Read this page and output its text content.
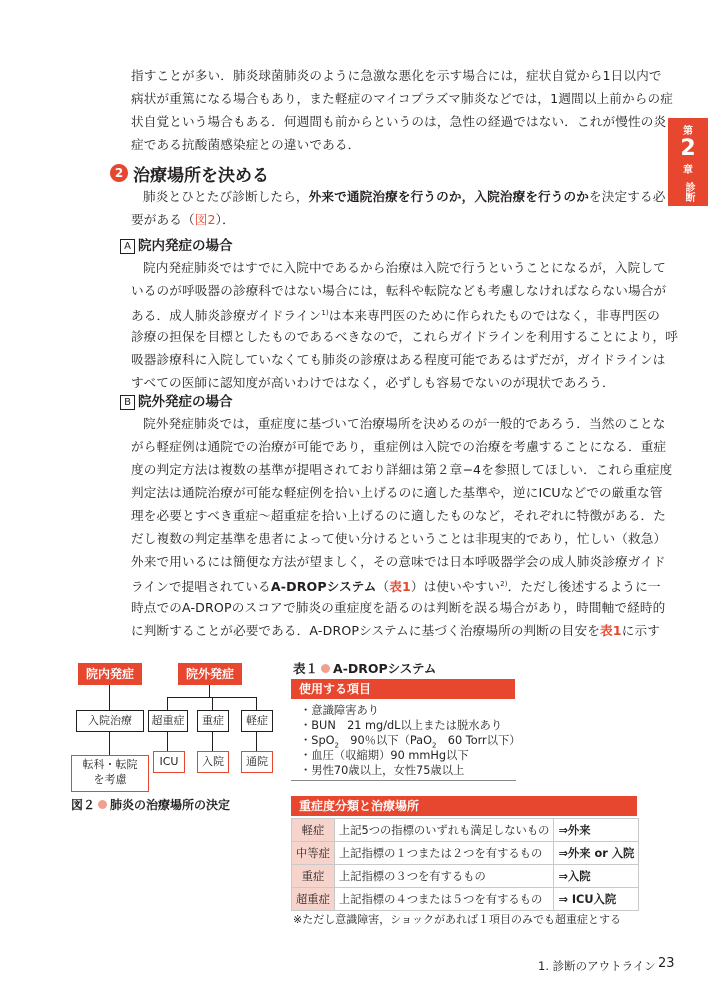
指すことが多い．肺炎球菌肺炎のように急激な悪化を示す場合には，症状自覚から1日以内で
病状が重篤になる場合もあり，また軽症のマイコプラズマ肺炎などでは，1週間以上前からの症
状自覚という場合もある．何週間も前からというのは，急性の経過ではない．これが慢性の炎
症である抗酸菌感染症との違いである．
第
2
章
診断
2 治療場所を決める
肺炎とひとたび診断したら，外来で通院治療を行うのか，入院治療を行うのかを決定する必
要がある（図2）．
A 院内発症の場合
院内発症肺炎ではすでに入院中であるから治療は入院で行うということになるが，入院して
いるのが呼吸器の診療科ではない場合には，転科や転院なども考慮しなければならない場合が
ある．成人肺炎診療ガイドライン$^{1)}$は本来専門医のために作られたものではなく，非専門医の
診療の担保を目標としたものであるべきなので，これらガイドラインを利用することにより，呼
吸器診療科に入院していなくても肺炎の診療はある程度可能であるはずだが，ガイドラインは
すべての医師に認知度が高いわけではなく，必ずしも容易でないのが現状であろう．
B 院外発症の場合
院外発症肺炎では，重症度に基づいて治療場所を決めるのが一般的であろう．当然のことな
がら軽症例は通院での治療が可能であり，重症例は入院での治療を考慮することになる．重症
度の判定方法は複数の基準が提唱されており詳細は第２章−4を参照してほしい．これら重症度
判定法は通院治療が可能な軽症例を拾い上げるのに適した基準や，逆にICUなどでの厳重な管
理を必要とすべき重症〜超重症を拾い上げるのに適したものなど，それぞれに特徴がある．た
だし複数の判定基準を患者によって使い分けるということは非現実的であり，忙しい（救急）
外来で用いるには簡便な方法が望ましく，その意味では日本呼吸器学会の成人肺炎診療ガイド
ラインで提唱されているA-DROPシステム（表1）は使いやすい$^{2)}$．ただし後述するように一
時点でのA-DROPのスコアで肺炎の重症度を語るのは判断を誤る場合があり，時間軸で経時的
に判断することが必要である．A-DROPシステムに基づく治療場所の判断の目安を表1に示す
院内発症	院外発症
入院治療	超重症	重症	軽症
転科・転院
を考慮
ICU	入院	通院
図２ 肺炎の治療場所の決定
表１ A-DROPシステム
使用する項目
・意識障害あり
・BUN　21 mg/dL以上または脱水あり
・SpO$_2$　90％以下（PaO$_2$　60 Torr以下）
・血圧（収縮期）90 mmHg以下
・男性70歳以上，女性75歳以上
重症度分類と治療場所
軽症	上記5つの指標のいずれも満足しないもの	⇒外来
中等症	上記指標の１つまたは２つを有するもの	⇒外来 or 入院
重症	上記指標の３つを有するもの	⇒入院
超重症	上記指標の４つまたは５つを有するもの	⇒ ICU入院
※ただし意識障害，ショックがあれば１項目のみでも超重症とする
1. 診断のアウトライン 23
